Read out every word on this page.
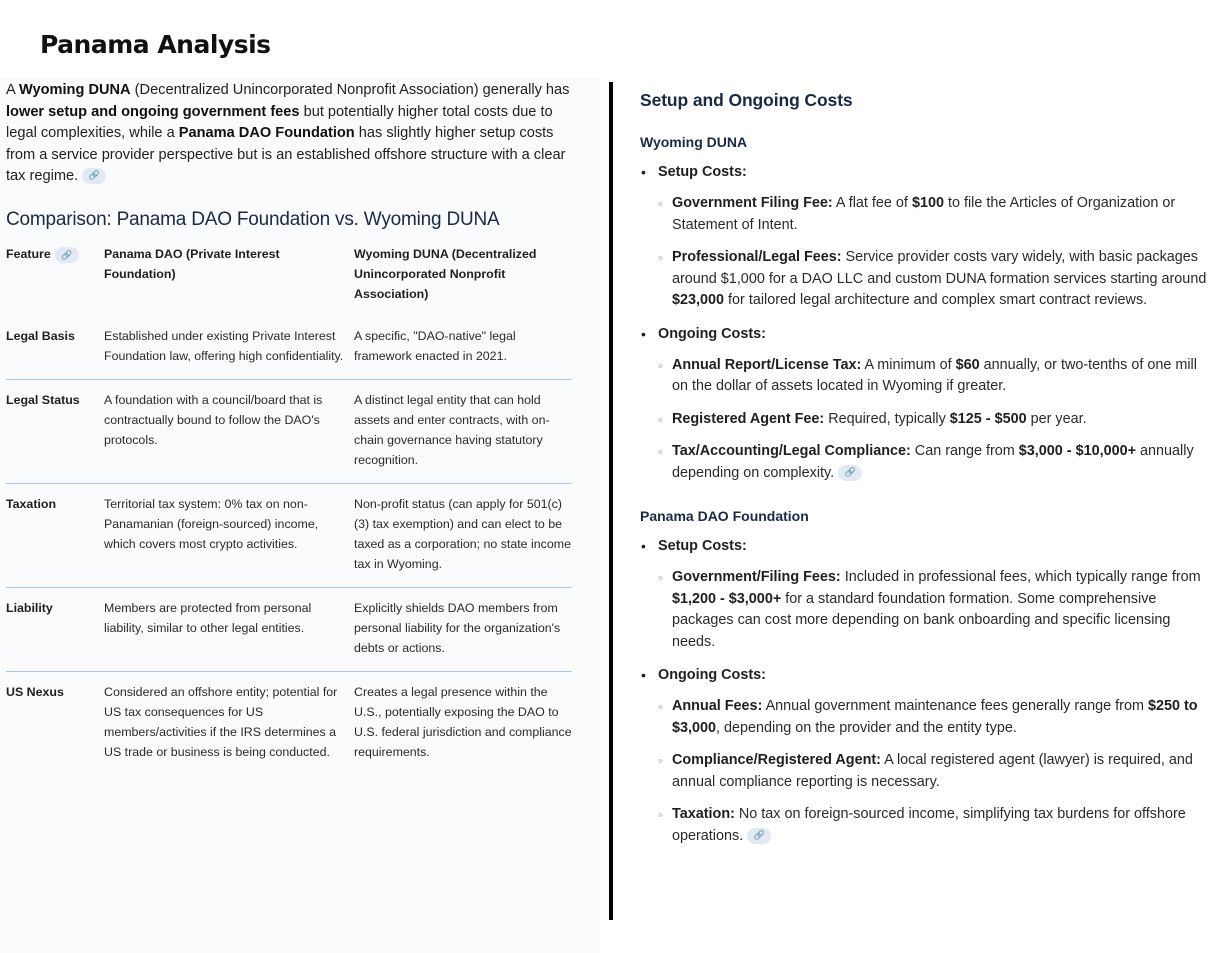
Panama Analysis

A Wyoming DUNA (Decentralized Unincorporated Nonprofit Association) generally has lower setup and ongoing government fees but potentially higher total costs due to legal complexities, while a Panama DAO Foundation has slightly higher setup costs from a service provider perspective but is an established offshore structure with a clear tax regime. 🔗

Comparison: Panama DAO Foundation vs. Wyoming DUNA
Feature 🔗	Panama DAO (Private Interest Foundation)	Wyoming DUNA (Decentralized Unincorporated Nonprofit Association)
Legal Basis	Established under existing Private Interest Foundation law, offering high confidentiality.	A specific, "DAO-native" legal framework enacted in 2021.
Legal Status	A foundation with a council/board that is contractually bound to follow the DAO's protocols.	A distinct legal entity that can hold assets and enter contracts, with on-chain governance having statutory recognition.
Taxation	Territorial tax system: 0% tax on non-Panamanian (foreign-sourced) income, which covers most crypto activities.	Non-profit status (can apply for 501(c)(3) tax exemption) and can elect to be taxed as a corporation; no state income tax in Wyoming.
Liability	Members are protected from personal liability, similar to other legal entities.	Explicitly shields DAO members from personal liability for the organization's debts or actions.
US Nexus	Considered an offshore entity; potential for US tax consequences for US members/activities if the IRS determines a US trade or business is being conducted.	Creates a legal presence within the U.S., potentially exposing the DAO to U.S. federal jurisdiction and compliance requirements.
Setup and Ongoing Costs
Wyoming DUNA
• Setup Costs:
◦ Government Filing Fee: A flat fee of $100 to file the Articles of Organization or Statement of Intent.
◦ Professional/Legal Fees: Service provider costs vary widely, with basic packages around $1,000 for a DAO LLC and custom DUNA formation services starting around $23,000 for tailored legal architecture and complex smart contract reviews.
• Ongoing Costs:
◦ Annual Report/License Tax: A minimum of $60 annually, or two-tenths of one mill on the dollar of assets located in Wyoming if greater.
◦ Registered Agent Fee: Required, typically $125 - $500 per year.
◦ Tax/Accounting/Legal Compliance: Can range from $3,000 - $10,000+ annually depending on complexity. 🔗
Panama DAO Foundation
• Setup Costs:
◦ Government/Filing Fees: Included in professional fees, which typically range from $1,200 - $3,000+ for a standard foundation formation. Some comprehensive packages can cost more depending on bank onboarding and specific licensing needs.
• Ongoing Costs:
◦ Annual Fees: Annual government maintenance fees generally range from $250 to $3,000, depending on the provider and the entity type.
◦ Compliance/Registered Agent: A local registered agent (lawyer) is required, and annual compliance reporting is necessary.
◦ Taxation: No tax on foreign-sourced income, simplifying tax burdens for offshore operations. 🔗
